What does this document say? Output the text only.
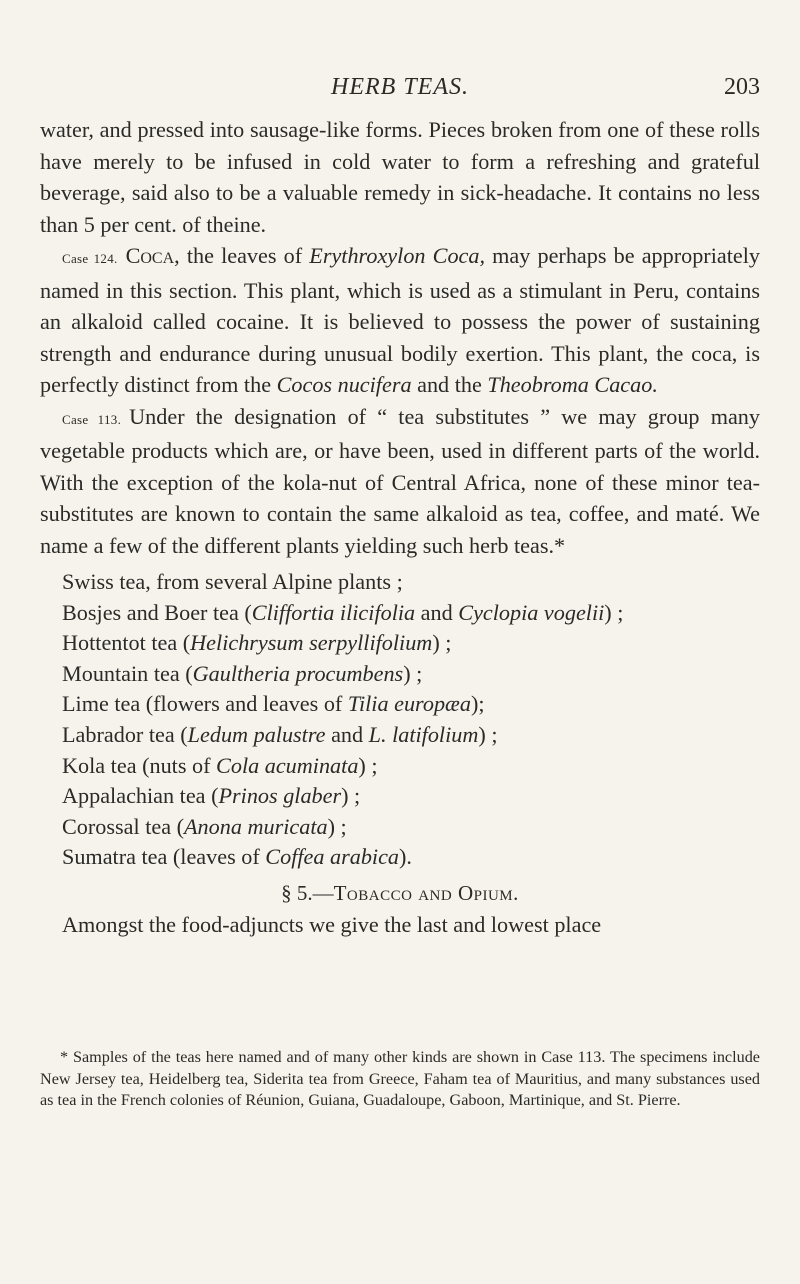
HERB TEAS.	203

water, and pressed into sausage-like forms. Pieces broken from one of these rolls have merely to be infused in cold water to form a refreshing and grateful beverage, said also to be a valuable remedy in sick-headache. It contains no less than 5 per cent. of theine.

Case 124. Coca, the leaves of Erythroxylon Coca, may perhaps be appropriately named in this section. This plant, which is used as a stimulant in Peru, contains an alkaloid called cocaine. It is believed to possess the power of sustaining strength and endurance during unusual bodily exertion. This plant, the coca, is perfectly distinct from the Cocos nucifera and the Theobroma Cacao.

Case 113. Under the designation of “ tea substitutes ” we may group many vegetable products which are, or have been, used in different parts of the world. With the exception of the kola-nut of Central Africa, none of these minor tea-substitutes are known to contain the same alkaloid as tea, coffee, and maté. We name a few of the different plants yielding such herb teas.*

Swiss tea, from several Alpine plants ;
Bosjes and Boer tea (Cliffortia ilicifolia and Cyclopia vogelii) ;
Hottentot tea (Helichrysum serpyllifolium) ;
Mountain tea (Gaultheria procumbens) ;
Lime tea (flowers and leaves of Tilia europæa);
Labrador tea (Ledum palustre and L. latifolium) ;
Kola tea (nuts of Cola acuminata) ;
Appalachian tea (Prinos glaber) ;
Corossal tea (Anona muricata) ;
Sumatra tea (leaves of Coffea arabica).
§ 5.—Tobacco and Opium.

Amongst the food-adjuncts we give the last and lowest place

* Samples of the teas here named and of many other kinds are shown in Case 113. The specimens include New Jersey tea, Heidelberg tea, Siderita tea from Greece, Faham tea of Mauritius, and many substances used as tea in the French colonies of Réunion, Guiana, Guadaloupe, Gaboon, Martinique, and St. Pierre.
